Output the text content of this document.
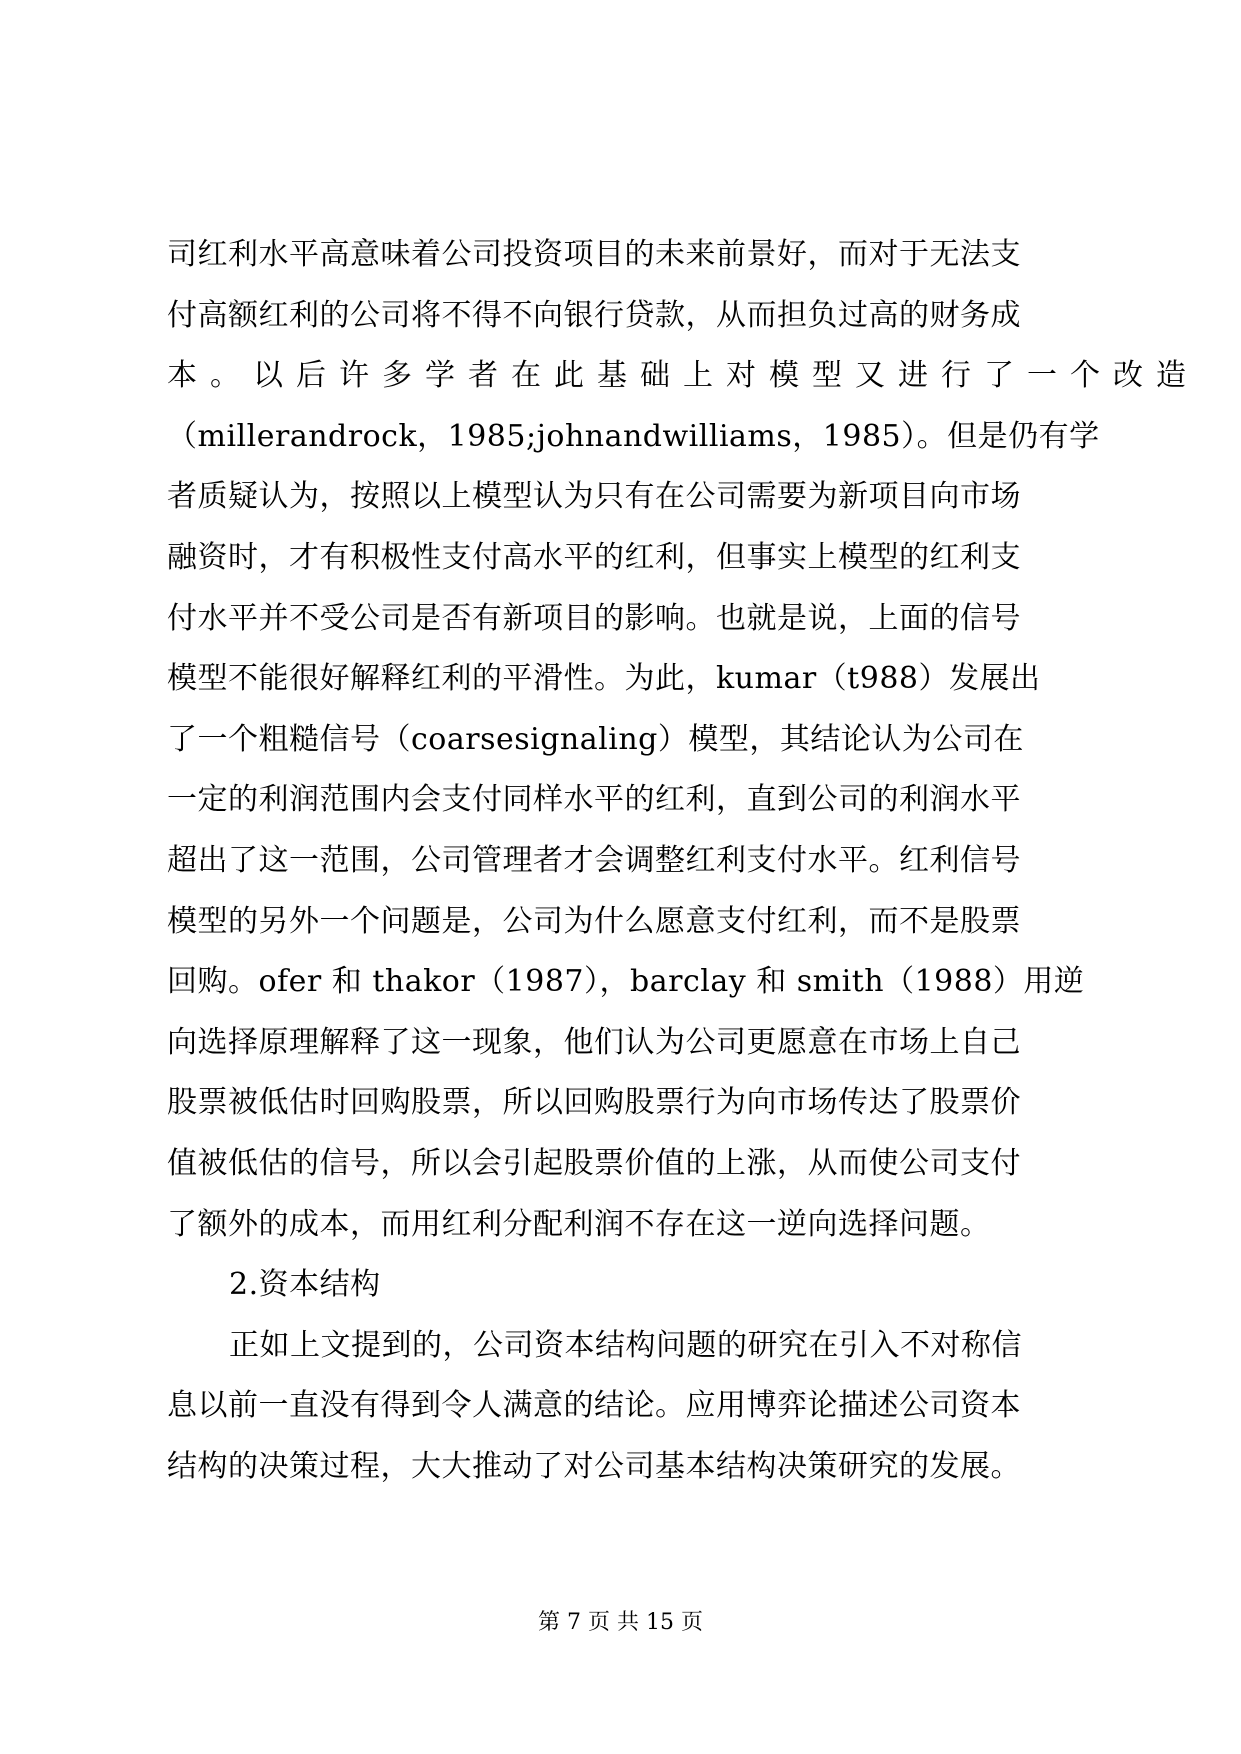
司红利水平高意味着公司投资项目的未来前景好，而对于无法支
付高额红利的公司将不得不向银行贷款，从而担负过高的财务成
本。以后许多学者在此基础上对模型又进行了一个改造
（millerandrock，1985;johnandwilliams，1985）。但是仍有学
者质疑认为，按照以上模型认为只有在公司需要为新项目向市场
融资时，才有积极性支付高水平的红利，但事实上模型的红利支
付水平并不受公司是否有新项目的影响。也就是说，上面的信号
模型不能很好解释红利的平滑性。为此，kumar（t988）发展出
了一个粗糙信号（coarsesignaling）模型，其结论认为公司在
一定的利润范围内会支付同样水平的红利，直到公司的利润水平
超出了这一范围，公司管理者才会调整红利支付水平。红利信号
模型的另外一个问题是，公司为什么愿意支付红利，而不是股票
回购。ofer 和 thakor（1987），barclay 和 smith（1988）用逆
向选择原理解释了这一现象，他们认为公司更愿意在市场上自己
股票被低估时回购股票，所以回购股票行为向市场传达了股票价
值被低估的信号，所以会引起股票价值的上涨，从而使公司支付
了额外的成本，而用红利分配利润不存在这一逆向选择问题。
2.资本结构
正如上文提到的，公司资本结构问题的研究在引入不对称信
息以前一直没有得到令人满意的结论。应用博弈论描述公司资本
结构的决策过程，大大推动了对公司基本结构决策研究的发展。
第 7 页 共 15 页
